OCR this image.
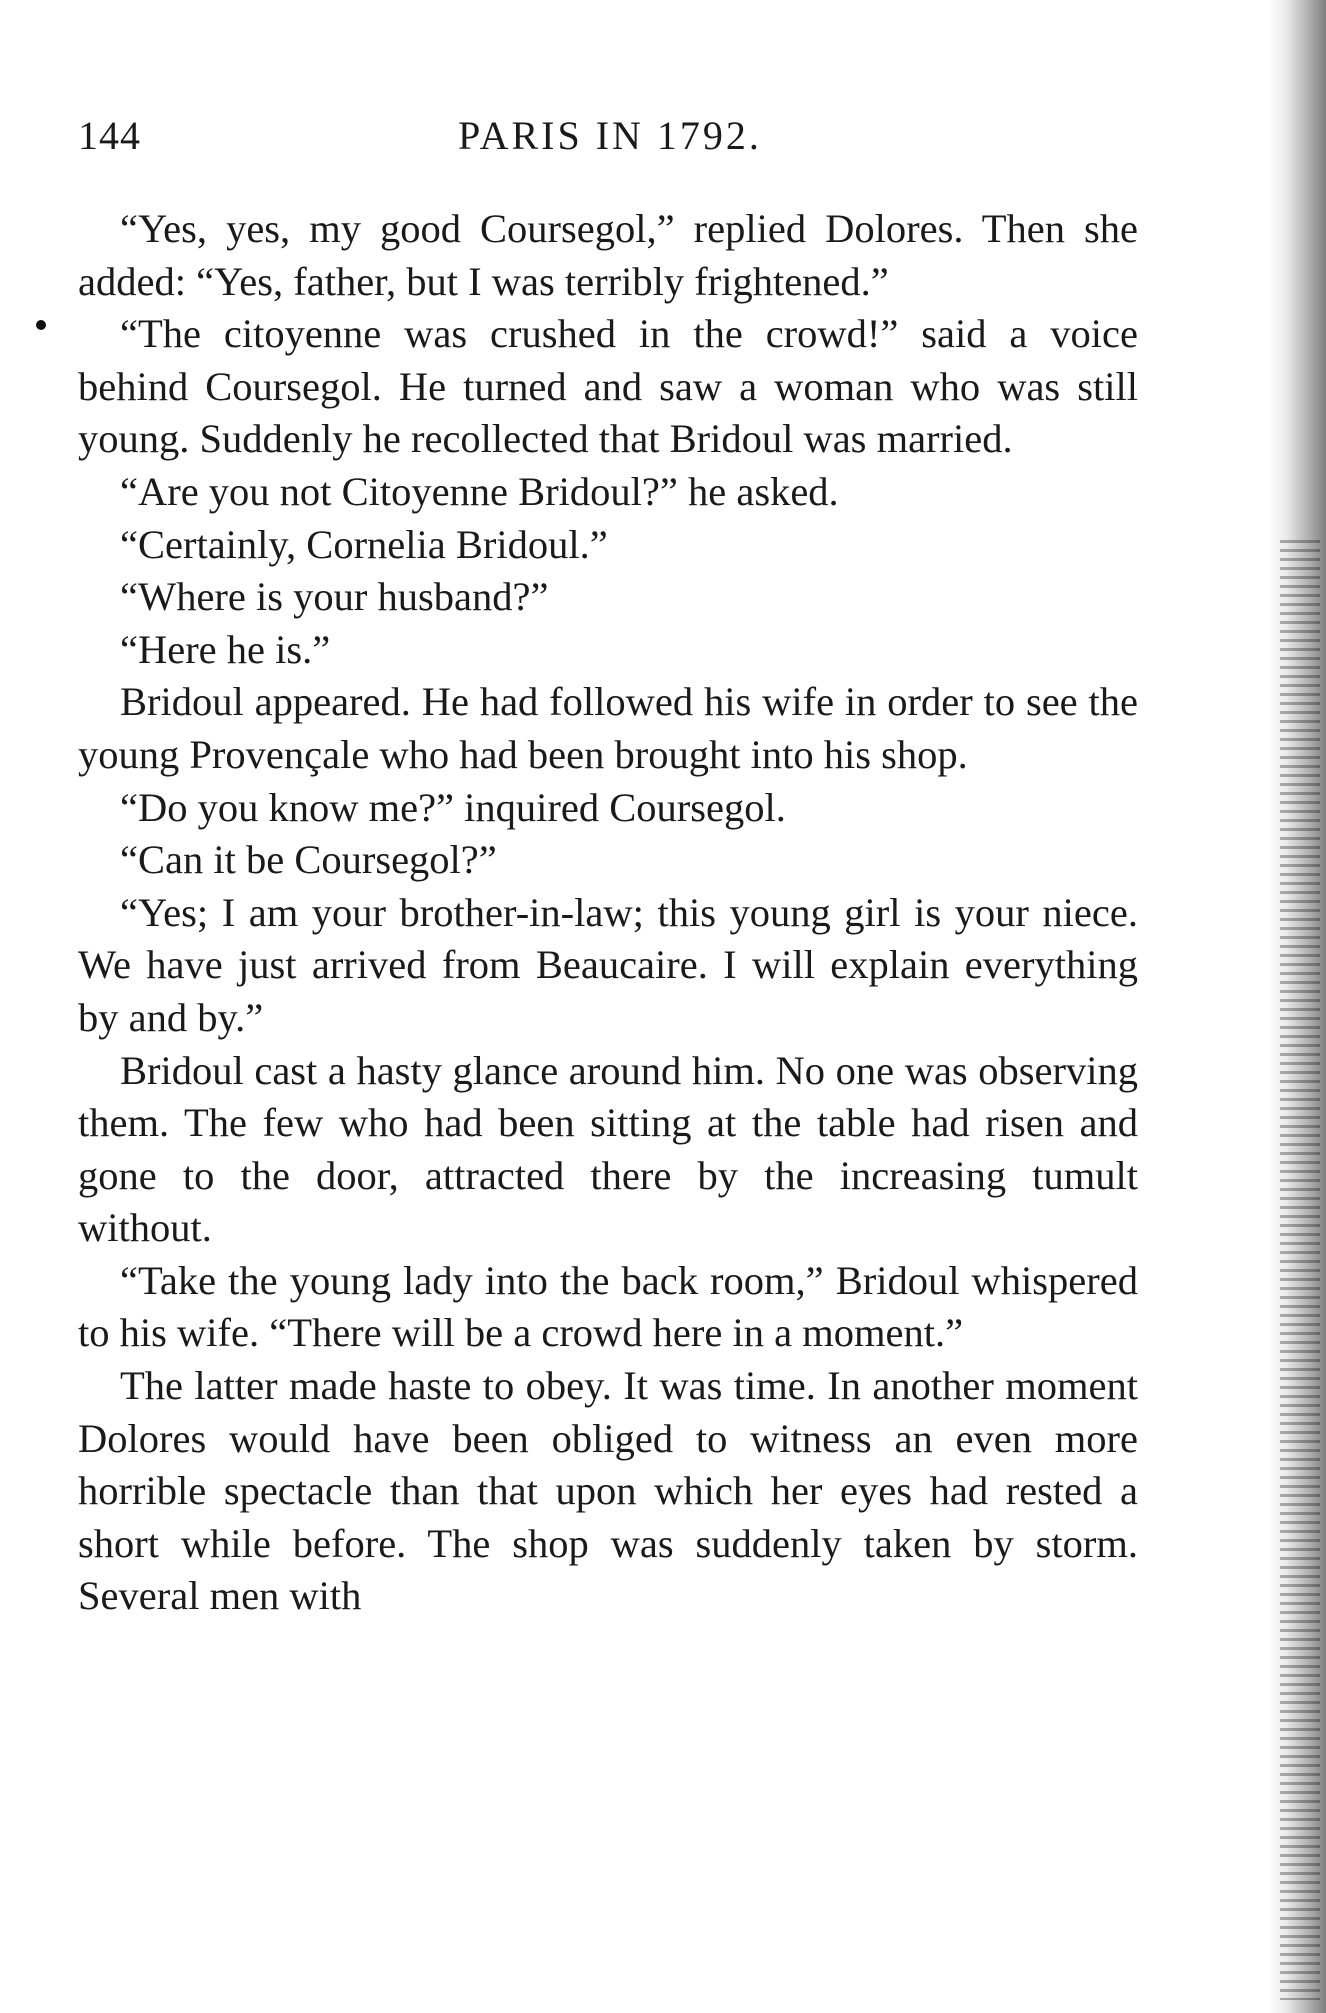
144	PARIS IN 1792.

“Yes, yes, my good Coursegol,” replied Dolores. Then she added: “Yes, father, but I was terribly frightened.”

“The citoyenne was crushed in the crowd!” said a voice behind Coursegol. He turned and saw a woman who was still young. Suddenly he recollected that Bridoul was married.

“Are you not Citoyenne Bridoul?” he asked.

“Certainly, Cornelia Bridoul.”

“Where is your husband?”

“Here he is.”

Bridoul appeared. He had followed his wife in order to see the young Provençale who had been brought into his shop.

“Do you know me?” inquired Coursegol.

“Can it be Coursegol?”

“Yes; I am your brother-in-law; this young girl is your niece. We have just arrived from Beaucaire. I will explain everything by and by.”

Bridoul cast a hasty glance around him. No one was observing them. The few who had been sitting at the table had risen and gone to the door, attracted there by the increasing tumult without.

“Take the young lady into the back room,” Bridoul whispered to his wife. “There will be a crowd here in a moment.”

The latter made haste to obey. It was time. In another moment Dolores would have been obliged to witness an even more horrible spectacle than that upon which her eyes had rested a short while before. The shop was suddenly taken by storm. Several men with
